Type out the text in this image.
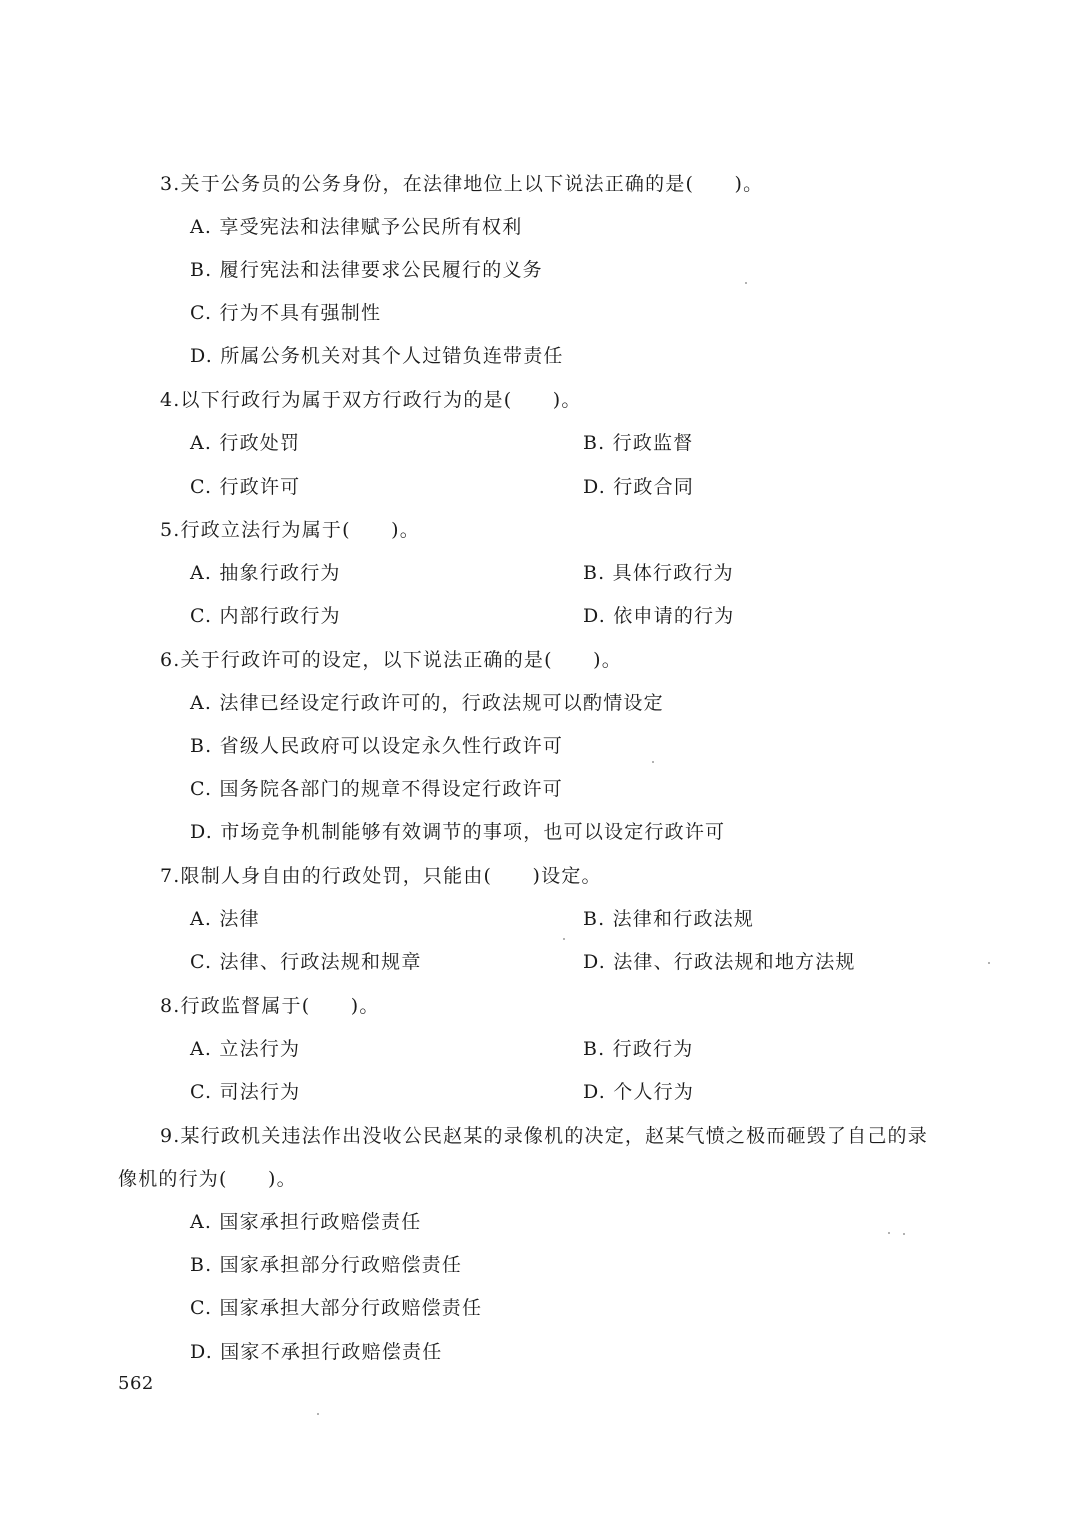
3.关于公务员的公务身份，在法律地位上以下说法正确的是(　　)。
A. 享受宪法和法律赋予公民所有权利
B. 履行宪法和法律要求公民履行的义务
C. 行为不具有强制性
D. 所属公务机关对其个人过错负连带责任
4.以下行政行为属于双方行政行为的是(　　)。
A. 行政处罚	B. 行政监督
C. 行政许可	D. 行政合同
5.行政立法行为属于(　　)。
A. 抽象行政行为	B. 具体行政行为
C. 内部行政行为	D. 依申请的行为
6.关于行政许可的设定，以下说法正确的是(　　)。
A. 法律已经设定行政许可的，行政法规可以酌情设定
B. 省级人民政府可以设定永久性行政许可
C. 国务院各部门的规章不得设定行政许可
D. 市场竞争机制能够有效调节的事项，也可以设定行政许可
7.限制人身自由的行政处罚，只能由(　　)设定。
A. 法律	B. 法律和行政法规
C. 法律、行政法规和规章	D. 法律、行政法规和地方法规
8.行政监督属于(　　)。
A. 立法行为	B. 行政行为
C. 司法行为	D. 个人行为
9.某行政机关违法作出没收公民赵某的录像机的决定，赵某气愤之极而砸毁了自己的录
像机的行为(　　)。
A. 国家承担行政赔偿责任
B. 国家承担部分行政赔偿责任
C. 国家承担大部分行政赔偿责任
D. 国家不承担行政赔偿责任
562
